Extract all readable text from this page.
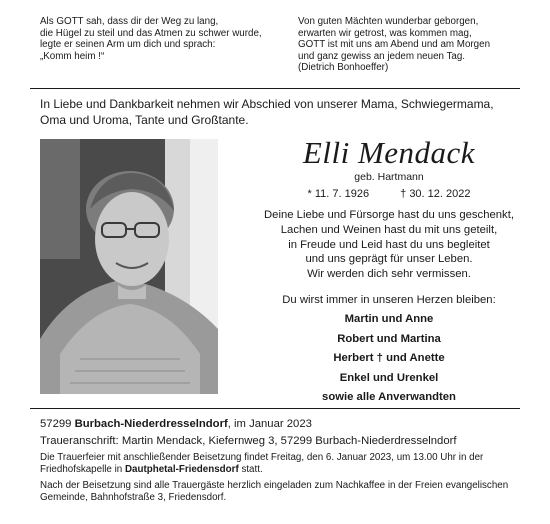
Als GOTT sah, dass dir der Weg zu lang,
die Hügel zu steil und das Atmen zu schwer wurde,
legte er seinen Arm um dich und sprach:
„Komm heim !“
Von guten Mächten wunderbar geborgen,
erwarten wir getrost, was kommen mag,
GOTT ist mit uns am Abend und am Morgen
und ganz gewiss an jedem neuen Tag.
(Dietrich Bonhoeffer)
In Liebe und Dankbarkeit nehmen wir Abschied von unserer Mama, Schwiegermama, Oma und Uroma, Tante und Großtante.
Elli Mendack
geb. Hartmann
* 11. 7. 1926	† 30. 12. 2022
Deine Liebe und Fürsorge hast du uns geschenkt,
Lachen und Weinen hast du mit uns geteilt,
in Freude und Leid hast du uns begleitet
und uns geprägt für unser Leben.
Wir werden dich sehr vermissen.
Du wirst immer in unseren Herzen bleiben:
Martin und Anne
Robert und Martina
Herbert † und Anette
Enkel und Urenkel
sowie alle Anverwandten
57299 Burbach-Niederdresselndorf, im Januar 2023
Traueranschrift: Martin Mendack, Kiefernweg 3, 57299 Burbach-Niederdresselndorf
Die Trauerfeier mit anschließender Beisetzung findet Freitag, den 6. Januar 2023, um 13.00 Uhr in der Friedhofskapelle in Dautphetal-Friedensdorf statt.
Nach der Beisetzung sind alle Trauergäste herzlich eingeladen zum Nachkaffee in der Freien evangelischen Gemeinde, Bahnhofstraße 3, Friedensdorf.
